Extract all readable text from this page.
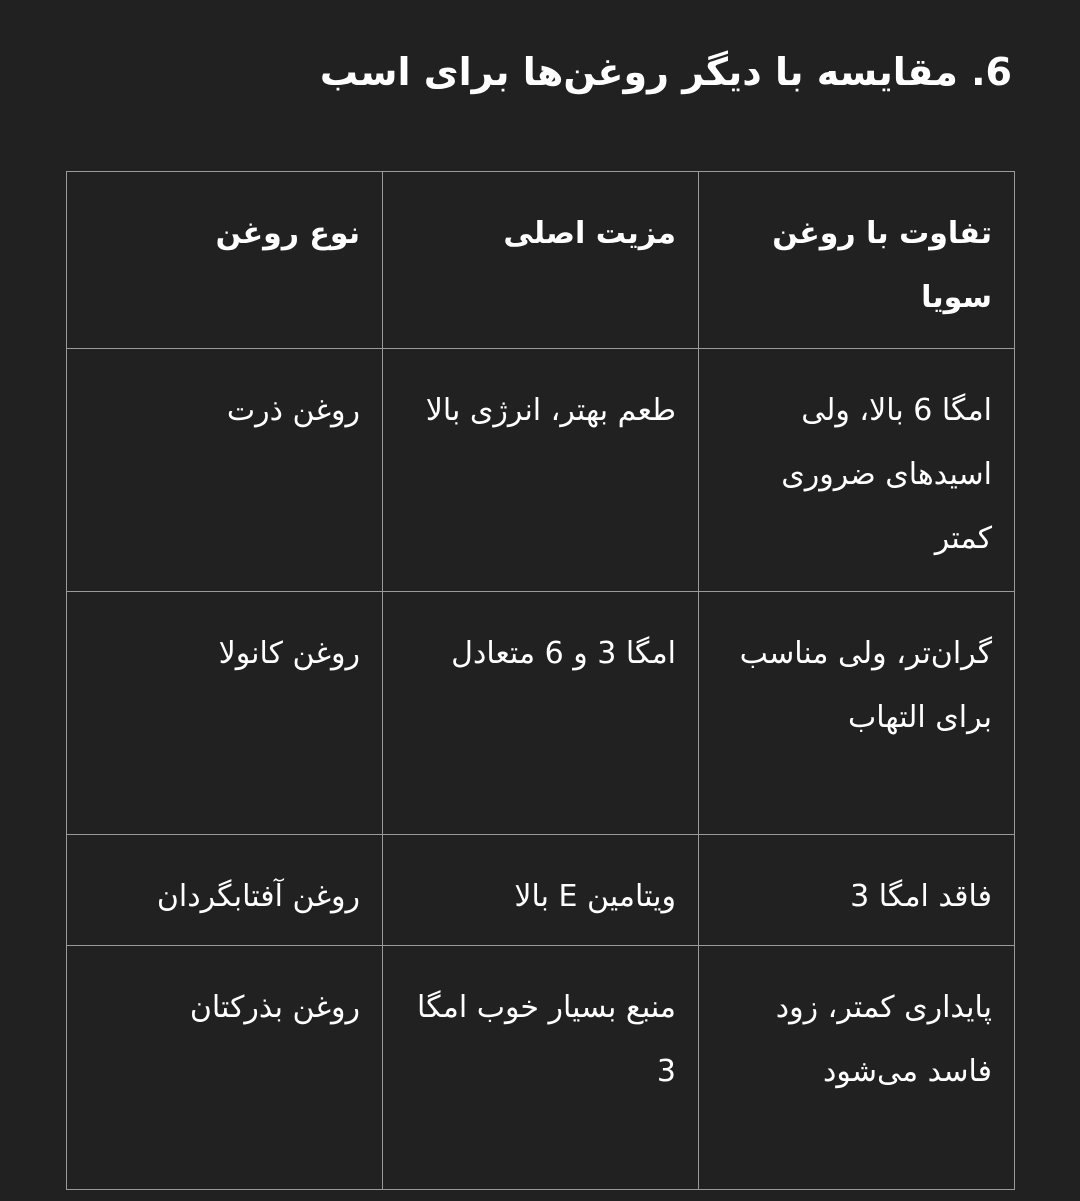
6. مقایسه با دیگر روغن‌ها برای اسب
تفاوت با روغن سویا	مزیت اصلی	نوع روغن
امگا 6 بالا، ولی اسیدهای ضروری کمتر	طعم بهتر، انرژی بالا	روغن ذرت
گران‌تر، ولی مناسب برای التهاب	امگا 3 و 6 متعادل	روغن کانولا
فاقد امگا 3	ویتامین E بالا	روغن آفتابگردان
پایداری کمتر، زود فاسد می‌شود	منبع بسیار خوب امگا 3	روغن بذرکتان
